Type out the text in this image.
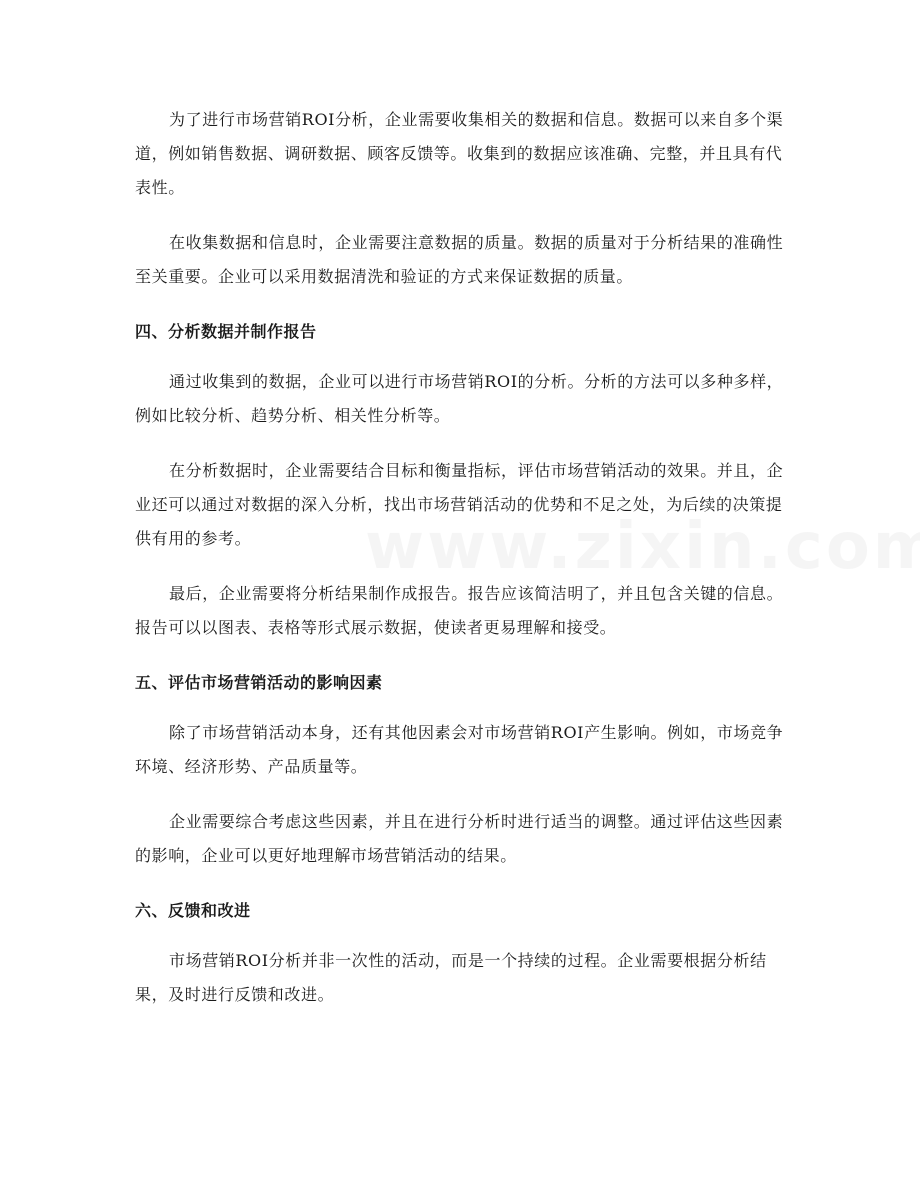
为了进行市场营销ROI分析，企业需要收集相关的数据和信息。数据可以来自多个渠道，例如销售数据、调研数据、顾客反馈等。收集到的数据应该准确、完整，并且具有代表性。

在收集数据和信息时，企业需要注意数据的质量。数据的质量对于分析结果的准确性至关重要。企业可以采用数据清洗和验证的方式来保证数据的质量。

四、分析数据并制作报告

通过收集到的数据，企业可以进行市场营销ROI的分析。分析的方法可以多种多样，例如比较分析、趋势分析、相关性分析等。

在分析数据时，企业需要结合目标和衡量指标，评估市场营销活动的效果。并且，企业还可以通过对数据的深入分析，找出市场营销活动的优势和不足之处，为后续的决策提供有用的参考。

最后，企业需要将分析结果制作成报告。报告应该简洁明了，并且包含关键的信息。报告可以以图表、表格等形式展示数据，使读者更易理解和接受。

五、评估市场营销活动的影响因素

除了市场营销活动本身，还有其他因素会对市场营销ROI产生影响。例如，市场竞争环境、经济形势、产品质量等。

企业需要综合考虑这些因素，并且在进行分析时进行适当的调整。通过评估这些因素的影响，企业可以更好地理解市场营销活动的结果。

六、反馈和改进

市场营销ROI分析并非一次性的活动，而是一个持续的过程。企业需要根据分析结果，及时进行反馈和改进。
